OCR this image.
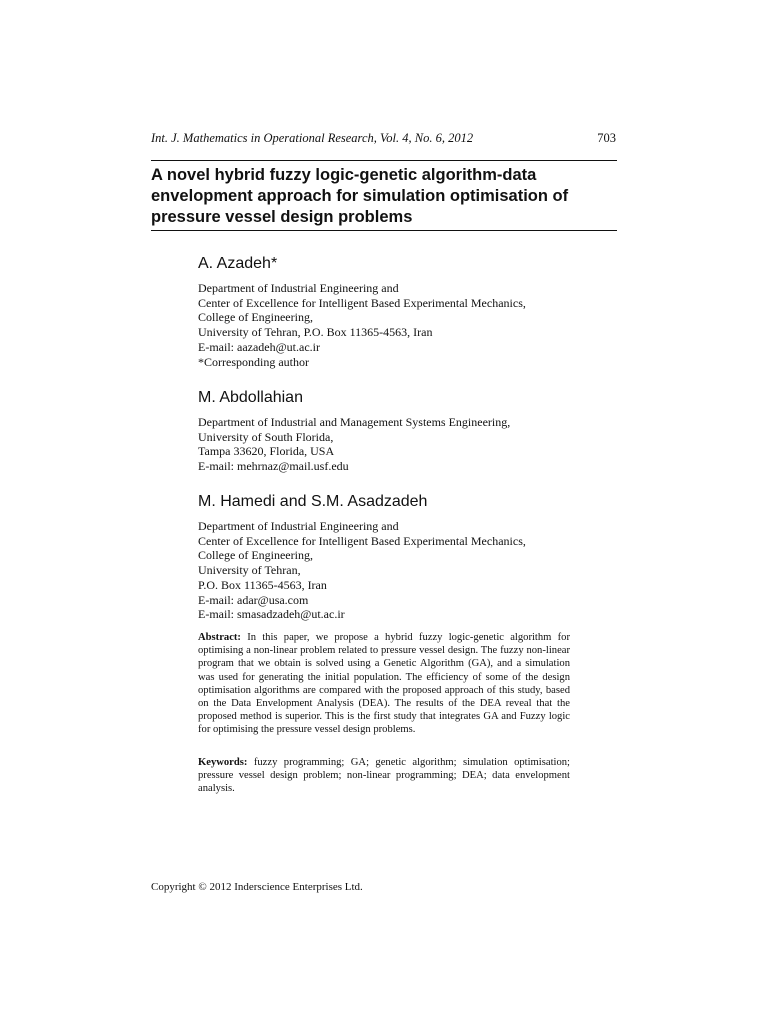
Int. J. Mathematics in Operational Research, Vol. 4, No. 6, 2012	703
A novel hybrid fuzzy logic-genetic algorithm-data envelopment approach for simulation optimisation of pressure vessel design problems
A. Azadeh*
Department of Industrial Engineering and
Center of Excellence for Intelligent Based Experimental Mechanics,
College of Engineering,
University of Tehran, P.O. Box 11365-4563, Iran
E-mail: aazadeh@ut.ac.ir
*Corresponding author
M. Abdollahian
Department of Industrial and Management Systems Engineering,
University of South Florida,
Tampa 33620, Florida, USA
E-mail: mehrnaz@mail.usf.edu
M. Hamedi and S.M. Asadzadeh
Department of Industrial Engineering and
Center of Excellence for Intelligent Based Experimental Mechanics,
College of Engineering,
University of Tehran,
P.O. Box 11365-4563, Iran
E-mail: adar@usa.com
E-mail: smasadzadeh@ut.ac.ir

Abstract: In this paper, we propose a hybrid fuzzy logic-genetic algorithm for optimising a non-linear problem related to pressure vessel design. The fuzzy non-linear program that we obtain is solved using a Genetic Algorithm (GA), and a simulation was used for generating the initial population. The efficiency of some of the design optimisation algorithms are compared with the proposed approach of this study, based on the Data Envelopment Analysis (DEA). The results of the DEA reveal that the proposed method is superior. This is the first study that integrates GA and Fuzzy logic for optimising the pressure vessel design problems.

Keywords: fuzzy programming; GA; genetic algorithm; simulation optimisation; pressure vessel design problem; non-linear programming; DEA; data envelopment analysis.

Copyright © 2012 Inderscience Enterprises Ltd.
